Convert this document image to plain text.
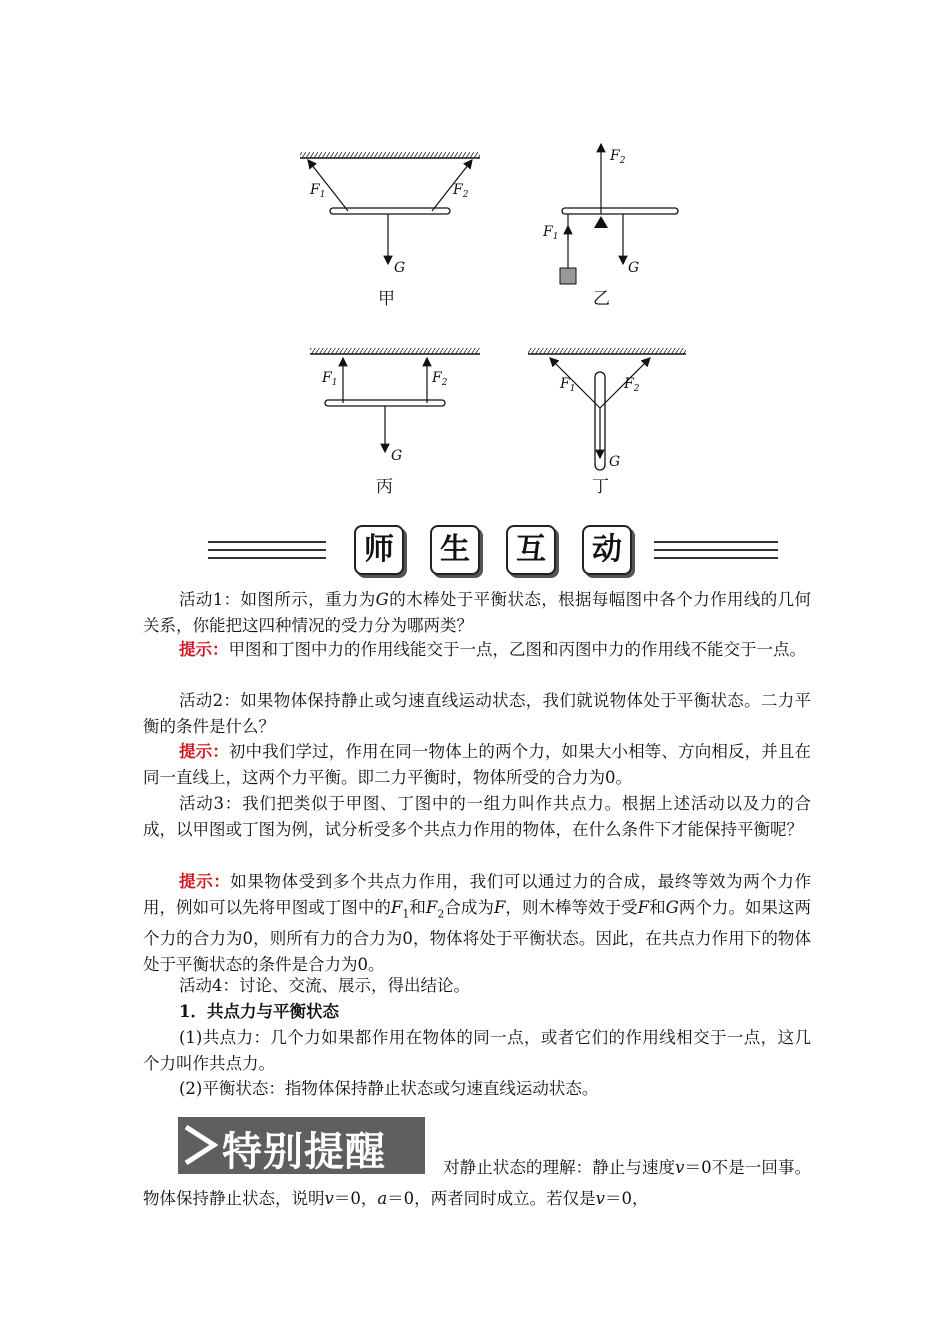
$F_1$	$F_2$
G
甲
$F_2$
$F_1$
G
乙
$F_1$	$F_2$
G
丙
$F_1$	$F_2$
G
丁
师	生	互	动
活动1：如图所示，重力为G的木棒处于平衡状态，根据每幅图中各个力作用线的几何关系，你能把这四种情况的受力分为哪两类？
提示：甲图和丁图中力的作用线能交于一点，乙图和丙图中力的作用线不能交于一点。
活动2：如果物体保持静止或匀速直线运动状态，我们就说物体处于平衡状态。二力平衡的条件是什么？
提示：初中我们学过，作用在同一物体上的两个力，如果大小相等、方向相反，并且在同一直线上，这两个力平衡。即二力平衡时，物体所受的合力为0。
活动3：我们把类似于甲图、丁图中的一组力叫作共点力。根据上述活动以及力的合成，以甲图或丁图为例，试分析受多个共点力作用的物体，在什么条件下才能保持平衡呢？
提示：如果物体受到多个共点力作用，我们可以通过力的合成，最终等效为两个力作用，例如可以先将甲图或丁图中的$F_1$和$F_2$合成为F，则木棒等效于受F和G两个力。如果这两个力的合力为0，则所有力的合力为0，物体将处于平衡状态。因此，在共点力作用下的物体处于平衡状态的条件是合力为0。
活动4：讨论、交流、展示，得出结论。
1．共点力与平衡状态
(1)共点力：几个力如果都作用在物体的同一点，或者它们的作用线相交于一点，这几个力叫作共点力。
(2)平衡状态：指物体保持静止状态或匀速直线运动状态。
特别提醒	对静止状态的理解：静止与速度v＝0不是一回事。物体保持静止状态，说明v＝0，a＝0，两者同时成立。若仅是v＝0，
